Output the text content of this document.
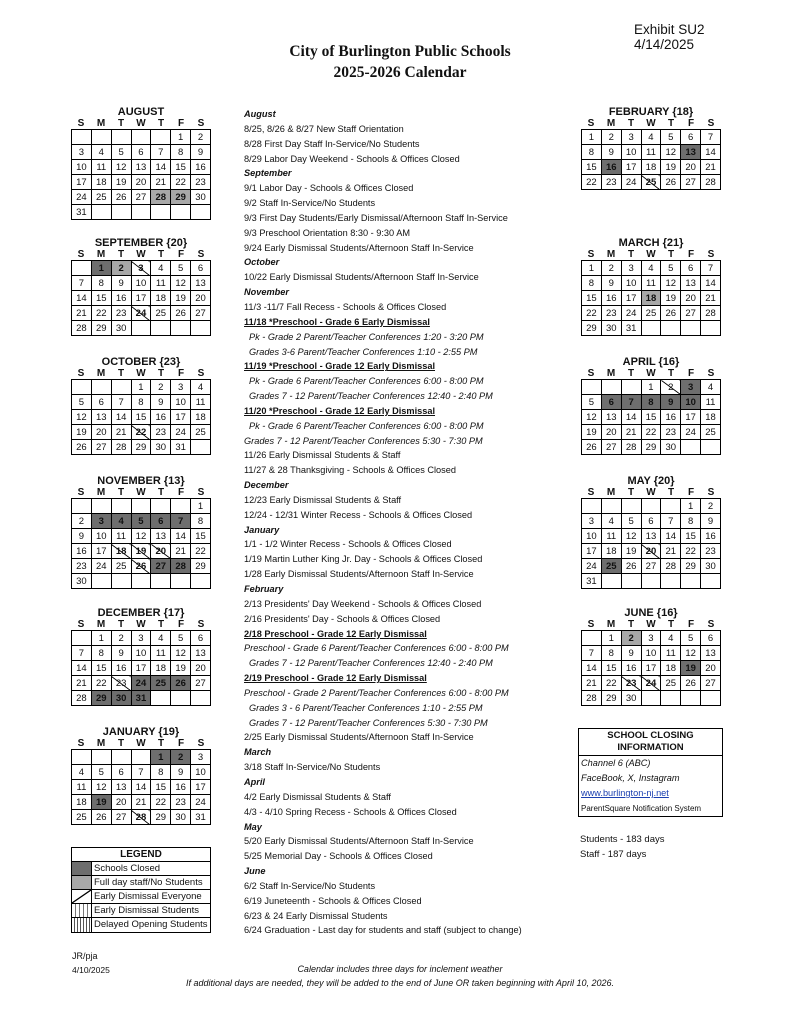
Exhibit SU2
4/14/2025
City of Burlington Public Schools
2025-2026 Calendar
AUGUST
S	M	T	W	T	F	S
					1	2
3	4	5	6	7	8	9
10	11	12	13	14	15	16
17	18	19	20	21	22	23
24	25	26	27	28	29	30
31						
SEPTEMBER {20}
S	M	T	W	T	F	S
	1	2	3	4	5	6
7	8	9	10	11	12	13
14	15	16	17	18	19	20
21	22	23	24	25	26	27
28	29	30				
OCTOBER {23}
S	M	T	W	T	F	S
			1	2	3	4
5	6	7	8	9	10	11
12	13	14	15	16	17	18
19	20	21	22	23	24	25
26	27	28	29	30	31	
NOVEMBER {13}
S	M	T	W	T	F	S
						1
2	3	4	5	6	7	8
9	10	11	12	13	14	15
16	17	18	19	20	21	22
23	24	25	26	27	28	29
30						
DECEMBER {17}
S	M	T	W	T	F	S
	1	2	3	4	5	6
7	8	9	10	11	12	13
14	15	16	17	18	19	20
21	22	23	24	25	26	27
28	29	30	31			
JANUARY {19}
S	M	T	W	T	F	S
				1	2	3
4	5	6	7	8	9	10
11	12	13	14	15	16	17
18	19	20	21	22	23	24
25	26	27	28	29	30	31
FEBRUARY {18}
S	M	T	W	T	F	S
1	2	3	4	5	6	7
8	9	10	11	12	13	14
15	16	17	18	19	20	21
22	23	24	25	26	27	28
MARCH {21}
S	M	T	W	T	F	S
1	2	3	4	5	6	7
8	9	10	11	12	13	14
15	16	17	18	19	20	21
22	23	24	25	26	27	28
29	30	31				
APRIL {16}
S	M	T	W	T	F	S
			1	2	3	4
5	6	7	8	9	10	11
12	13	14	15	16	17	18
19	20	21	22	23	24	25
26	27	28	29	30		
MAY {20}
S	M	T	W	T	F	S
					1	2
3	4	5	6	7	8	9
10	11	12	13	14	15	16
17	18	19	20	21	22	23
24	25	26	27	28	29	30
31						
JUNE {16}
S	M	T	W	T	F	S
	1	2	3	4	5	6
7	8	9	10	11	12	13
14	15	16	17	18	19	20
21	22	23	24	25	26	27
28	29	30				
August
8/25, 8/26 & 8/27 New Staff Orientation
8/28 First Day Staff In-Service/No Students
8/29 Labor Day Weekend - Schools & Offices Closed
September
9/1 Labor Day - Schools & Offices Closed
9/2 Staff In-Service/No Students
9/3 First Day Students/Early Dismissal/Afternoon Staff In-Service
9/3 Preschool Orientation 8:30 - 9:30 AM
9/24 Early Dismissal Students/Afternoon Staff In-Service
October
10/22 Early Dismissal Students/Afternoon Staff In-Service
November
11/3 -11/7 Fall Recess - Schools & Offices Closed
11/18 *Preschool - Grade 6 Early Dismissal
Pk - Grade 2 Parent/Teacher Conferences 1:20 - 3:20 PM
Grades 3-6 Parent/Teacher Conferences 1:10 - 2:55 PM
11/19 *Preschool - Grade 12 Early Dismissal
Pk - Grade 6 Parent/Teacher Conferences 6:00 - 8:00 PM
Grades 7 - 12 Parent/Teacher Conferences 12:40 - 2:40 PM
11/20 *Preschool - Grade 12 Early Dismissal
Pk - Grade 6 Parent/Teacher Conferences 6:00 - 8:00 PM
Grades 7 - 12 Parent/Teacher Conferences 5:30 - 7:30 PM
11/26 Early Dismissal Students & Staff
11/27 & 28 Thanksgiving - Schools & Offices Closed
December
12/23 Early Dismissal Students & Staff
12/24 - 12/31 Winter Recess - Schools & Offices Closed
January
1/1 - 1/2 Winter Recess - Schools & Offices Closed
1/19 Martin Luther King Jr. Day - Schools & Offices Closed
1/28 Early Dismissal Students/Afternoon Staff In-Service
February
2/13 Presidents' Day Weekend - Schools & Offices Closed
2/16 Presidents' Day - Schools & Offices Closed
2/18 Preschool - Grade 12 Early Dismissal
Preschool - Grade 6 Parent/Teacher Conferences 6:00 - 8:00 PM
Grades 7 - 12 Parent/Teacher Conferences 12:40 - 2:40 PM
2/19 Preschool - Grade 12 Early Dismissal
Preschool - Grade 2 Parent/Teacher Conferences 6:00 - 8:00 PM
Grades 3 - 6 Parent/Teacher Conferences 1:10 - 2:55 PM
Grades 7 - 12 Parent/Teacher Conferences 5:30 - 7:30 PM
2/25 Early Dismissal Students/Afternoon Staff In-Service
March
3/18 Staff In-Service/No Students
April
4/2 Early Dismissal Students & Staff
4/3 - 4/10 Spring Recess - Schools & Offices Closed
May
5/20 Early Dismissal Students/Afternoon Staff In-Service
5/25 Memorial Day - Schools & Offices Closed
June
6/2 Staff In-Service/No Students
6/19 Juneteenth - Schools & Offices Closed
6/23 & 24 Early Dismissal Students
6/24 Graduation - Last day for students and staff (subject to change)
LEGEND
Schools Closed
Full day staff/No Students
Early Dismissal Everyone
Early Dismissal Students
Delayed Opening Students
SCHOOL CLOSING
INFORMATION
Channel 6 (ABC)
FaceBook, X, Instagram
www.burlington-nj.net
ParentSquare Notification System
Students - 183 days
Staff - 187 days
JR/pja
4/10/2025	Calendar includes three days for inclement weather
If additional days are needed, they will be added to the end of June OR taken beginning with April 10, 2026.
